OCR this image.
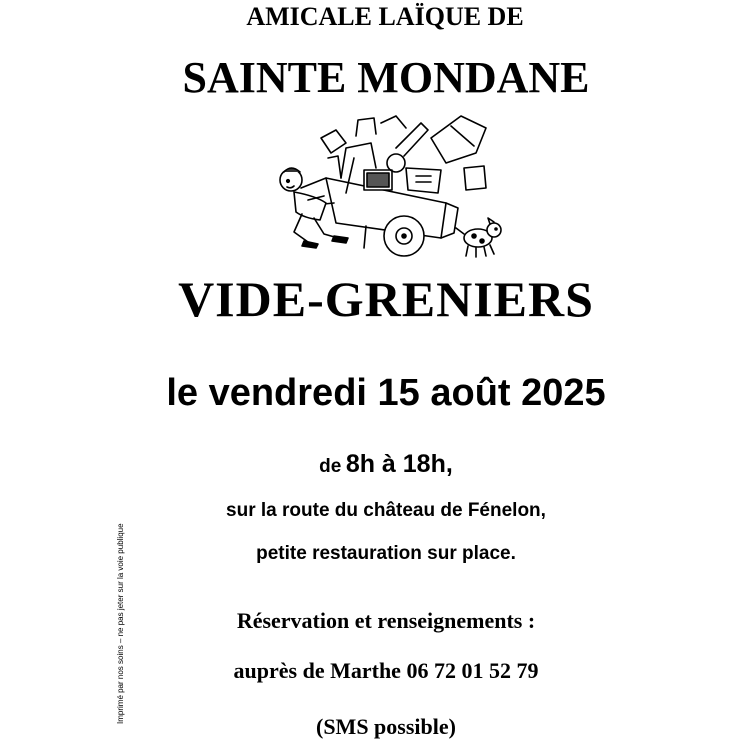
AMICALE LAÏQUE DE
SAINTE MONDANE
VIDE-GRENIERS
le vendredi 15 août 2025
de 8h à 18h,
sur la route du château de Fénelon,
petite restauration sur place.
Réservation et renseignements :
auprès de Marthe 06 72 01 52 79
(SMS possible)
Imprimé par nos soins – ne pas jeter sur la voie publique
